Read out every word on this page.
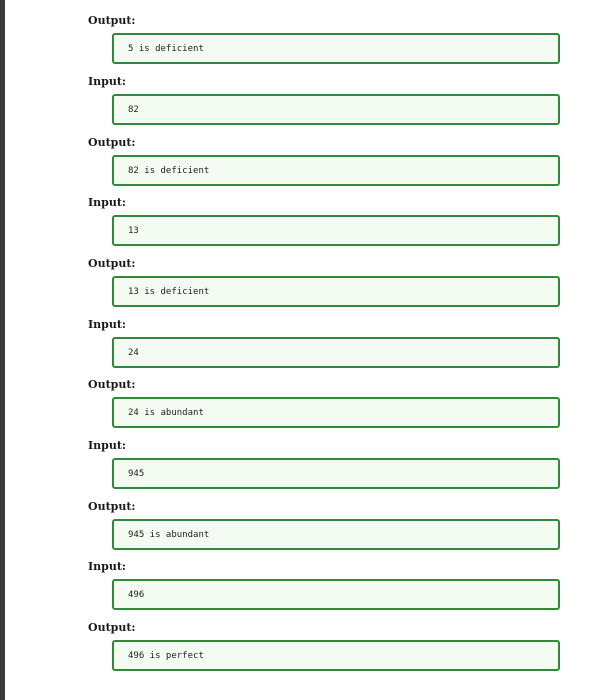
Output:
5 is deficient
Input:
82
Output:
82 is deficient
Input:
13
Output:
13 is deficient
Input:
24
Output:
24 is abundant
Input:
945
Output:
945 is abundant
Input:
496
Output:
496 is perfect
